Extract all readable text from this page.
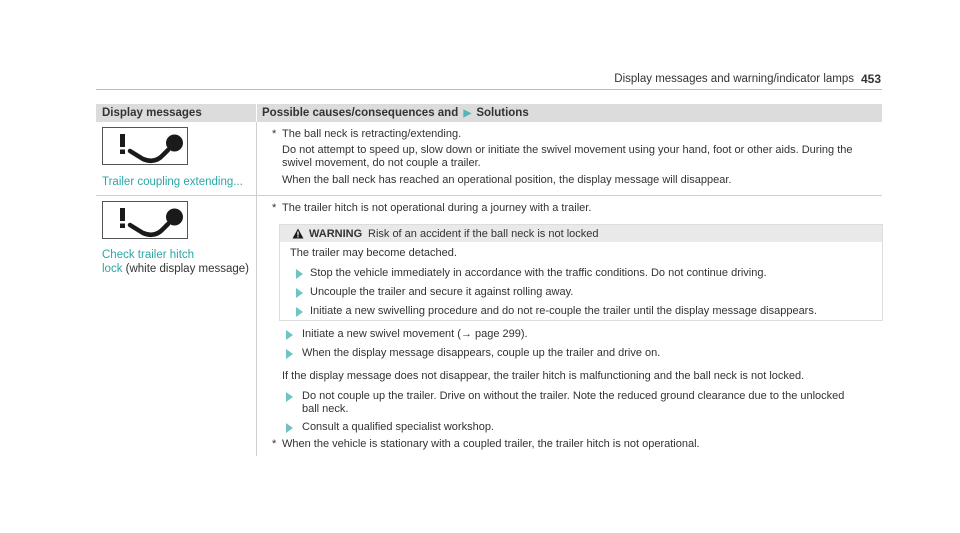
Display messages and warning/indicator lamps 453
Display messages	Possible causes/consequences and ▶ Solutions
Trailer coupling extending...
* The ball neck is retracting/extending.
Do not attempt to speed up, slow down or initiate the swivel movement using your hand, foot or other aids. During the
swivel movement, do not couple a trailer.
When the ball neck has reached an operational position, the display message will disappear.
Check trailer hitch
lock (white display message)
* The trailer hitch is not operational during a journey with a trailer.
WARNING Risk of an accident if the ball neck is not locked
The trailer may become detached.
Stop the vehicle immediately in accordance with the traffic conditions. Do not continue driving.
Uncouple the trailer and secure it against rolling away.
Initiate a new swivelling procedure and do not re-couple the trailer until the display message disappears.
Initiate a new swivel movement (→ page 299).
When the display message disappears, couple up the trailer and drive on.
If the display message does not disappear, the trailer hitch is malfunctioning and the ball neck is not locked.
Do not couple up the trailer. Drive on without the trailer. Note the reduced ground clearance due to the unlocked
ball neck.
Consult a qualified specialist workshop.
* When the vehicle is stationary with a coupled trailer, the trailer hitch is not operational.
